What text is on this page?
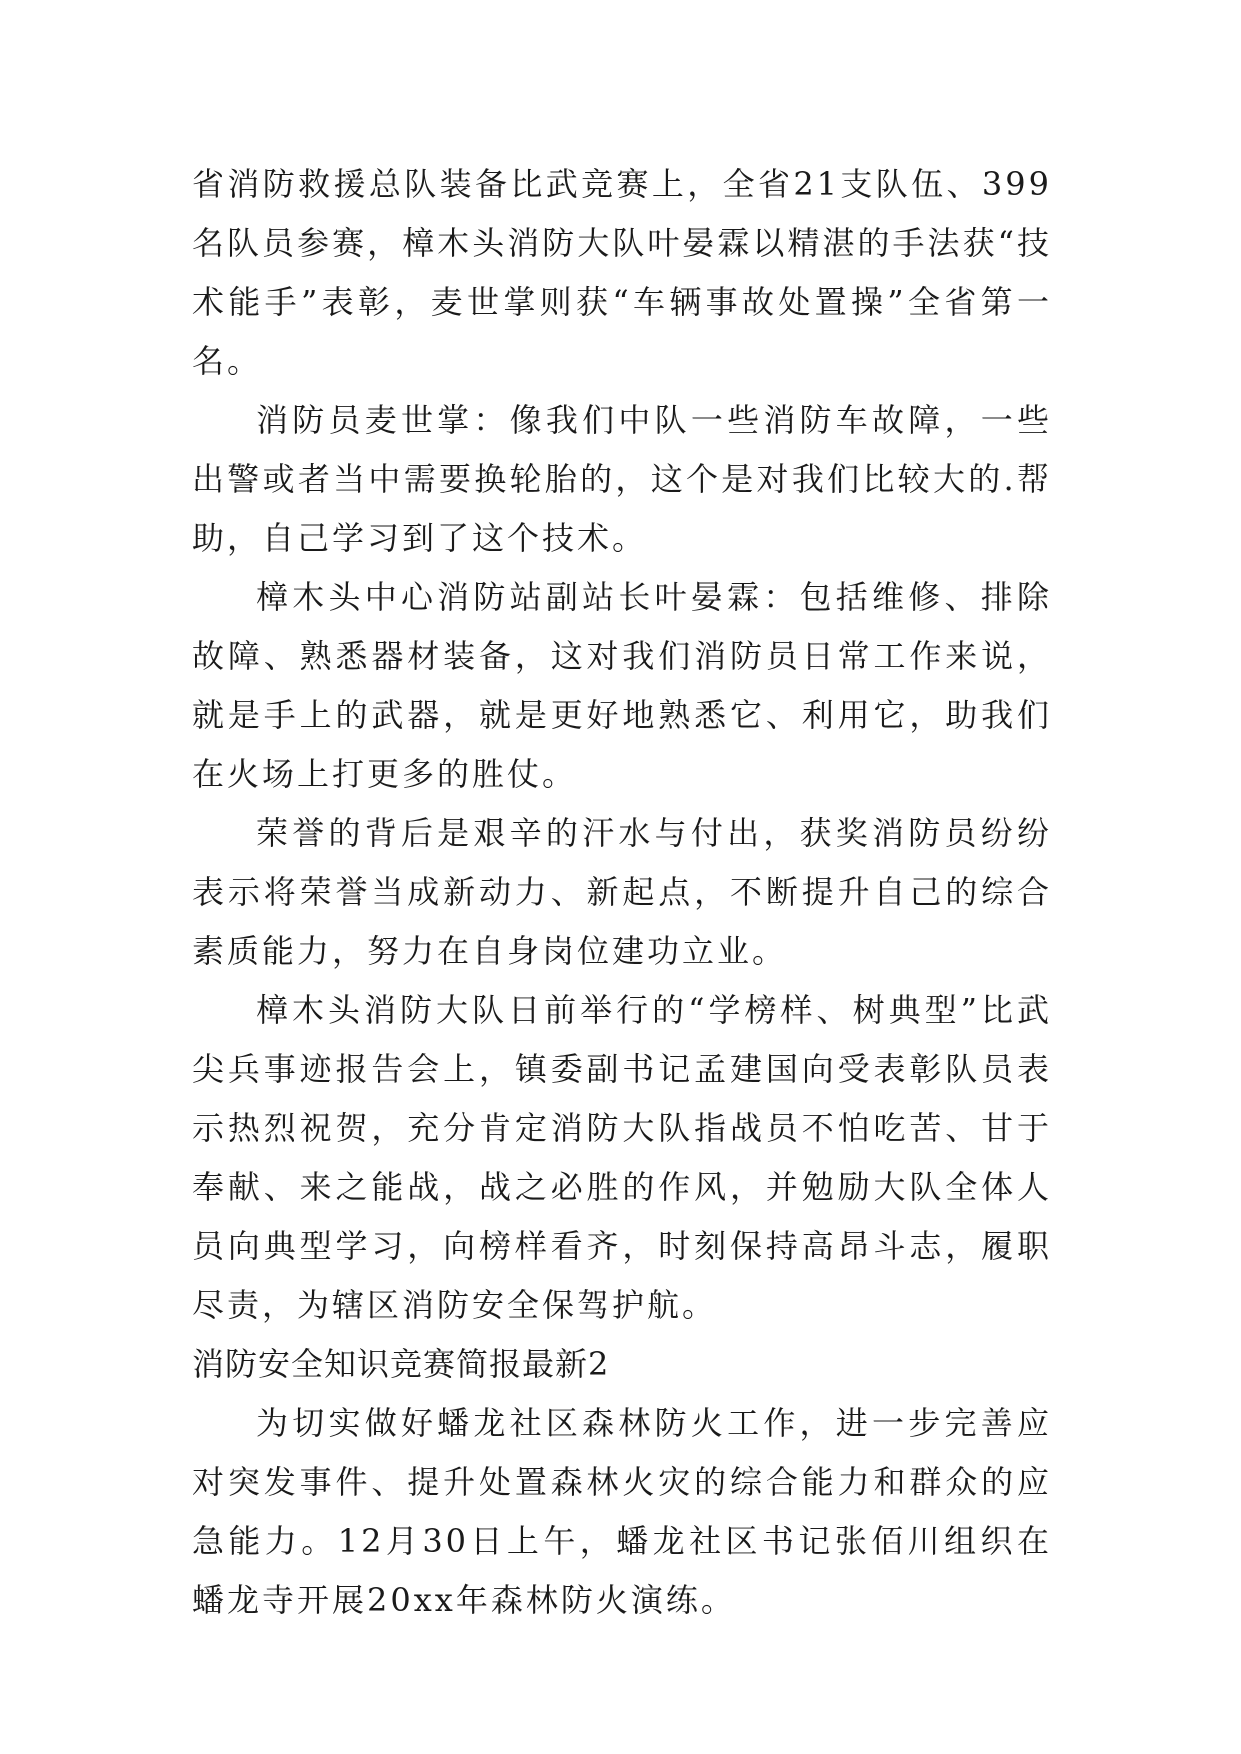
省消防救援总队装备比武竞赛上，全省21支队伍、399名队员参赛，樟木头消防大队叶晏霖以精湛的手法获“技术能手”表彰，麦世掌则获“车辆事故处置操”全省第一名。

消防员麦世掌：像我们中队一些消防车故障，一些出警或者当中需要换轮胎的，这个是对我们比较大的.帮助，自己学习到了这个技术。

樟木头中心消防站副站长叶晏霖：包括维修、排除故障、熟悉器材装备，这对我们消防员日常工作来说，就是手上的武器，就是更好地熟悉它、利用它，助我们在火场上打更多的胜仗。

荣誉的背后是艰辛的汗水与付出，获奖消防员纷纷表示将荣誉当成新动力、新起点，不断提升自己的综合素质能力，努力在自身岗位建功立业。

樟木头消防大队日前举行的“学榜样、树典型”比武尖兵事迹报告会上，镇委副书记孟建国向受表彰队员表示热烈祝贺，充分肯定消防大队指战员不怕吃苦、甘于奉献、来之能战，战之必胜的作风，并勉励大队全体人员向典型学习，向榜样看齐，时刻保持高昂斗志，履职尽责，为辖区消防安全保驾护航。

消防安全知识竞赛简报最新2

为切实做好蟠龙社区森林防火工作，进一步完善应对突发事件、提升处置森林火灾的综合能力和群众的应急能力。12月30日上午，蟠龙社区书记张佰川组织在蟠龙寺开展20xx年森林防火演练。
